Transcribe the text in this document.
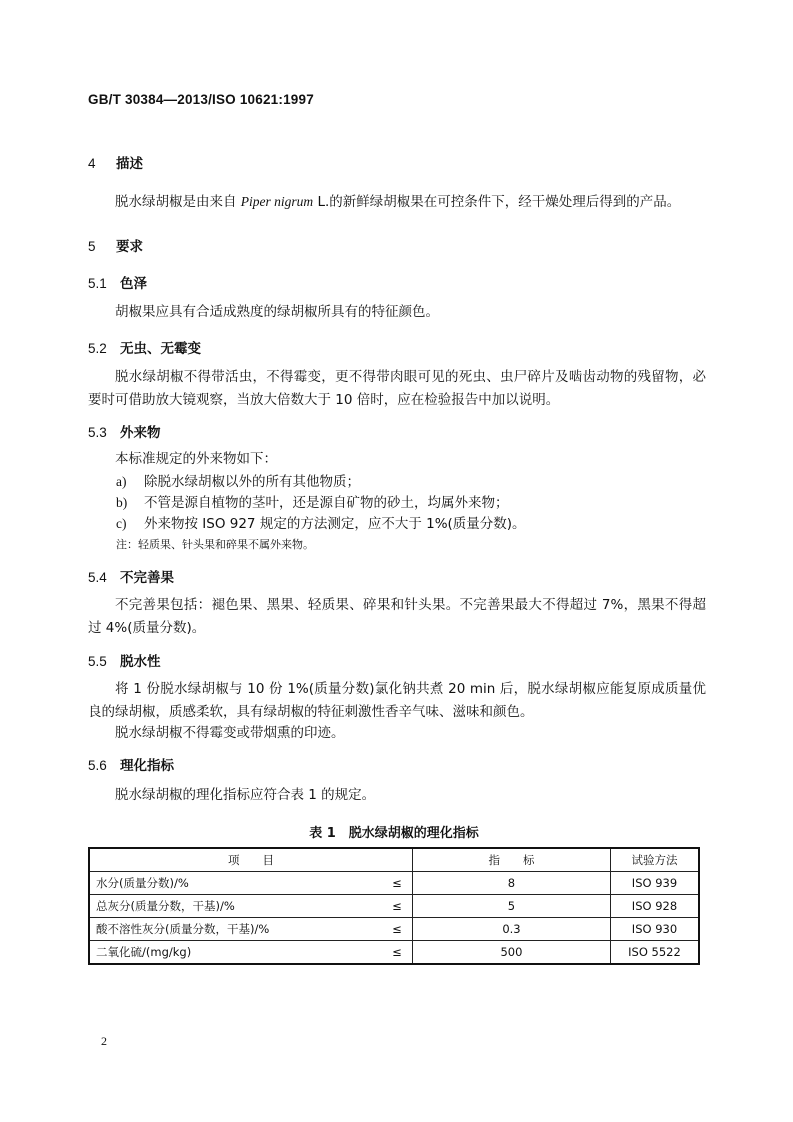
GB/T 30384—2013/ISO 10621:1997
4 描述
脱水绿胡椒是由来自 Piper nigrum L.的新鲜绿胡椒果在可控条件下，经干燥处理后得到的产品。
5 要求
5.1 色泽
胡椒果应具有合适成熟度的绿胡椒所具有的特征颜色。
5.2 无虫、无霉变
脱水绿胡椒不得带活虫，不得霉变，更不得带肉眼可见的死虫、虫尸碎片及啮齿动物的残留物，必要时可借助放大镜观察，当放大倍数大于 10 倍时，应在检验报告中加以说明。
5.3 外来物
本标准规定的外来物如下：
a) 除脱水绿胡椒以外的所有其他物质；
b) 不管是源自植物的茎叶，还是源自矿物的砂土，均属外来物；
c) 外来物按 ISO 927 规定的方法测定，应不大于 1%(质量分数)。
注：轻质果、针头果和碎果不属外来物。
5.4 不完善果
不完善果包括：褪色果、黑果、轻质果、碎果和针头果。不完善果最大不得超过 7%，黑果不得超过 4%(质量分数)。
5.5 脱水性
将 1 份脱水绿胡椒与 10 份 1%(质量分数)氯化钠共煮 20 min 后，脱水绿胡椒应能复原成质量优良的绿胡椒，质感柔软，具有绿胡椒的特征刺激性香辛气味、滋味和颜色。
脱水绿胡椒不得霉变或带烟熏的印迹。
5.6 理化指标
脱水绿胡椒的理化指标应符合表 1 的规定。
表 1　脱水绿胡椒的理化指标
项　　目		指　　标	试验方法
水分(质量分数)/%	≤	8	ISO 939
总灰分(质量分数，干基)/%	≤	5	ISO 928
酸不溶性灰分(质量分数，干基)/%	≤	0.3	ISO 930
二氧化硫/(mg/kg)	≤	500	ISO 5522
2
